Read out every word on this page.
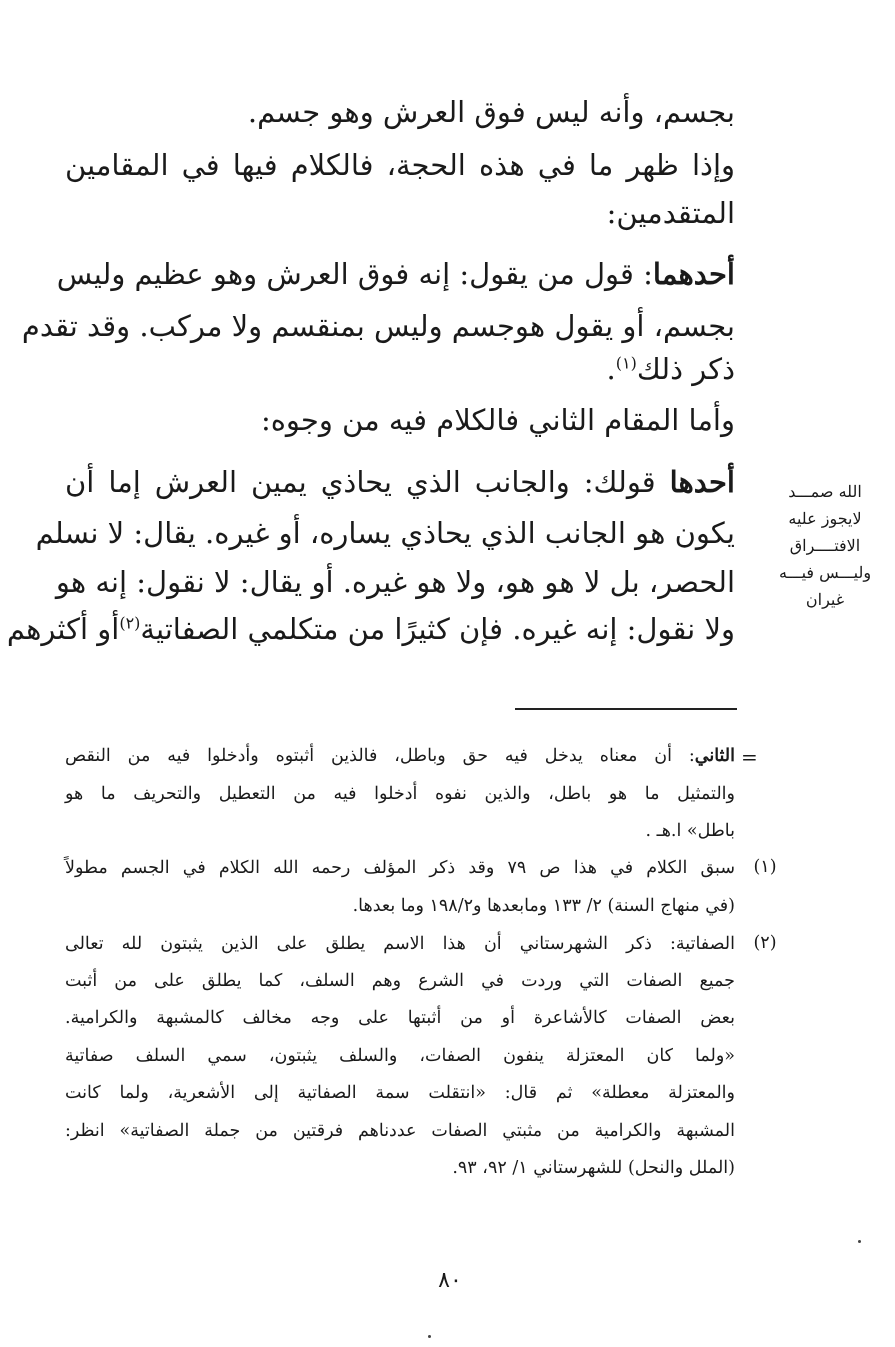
بجسم، وأنه ليس فوق العرش وهو جسم.
وإذا ظهر ما في هذه الحجة، فالكلام فيها في المقامين
المتقدمين:
أحدهما: قول من يقول: إنه فوق العرش وهو عظيم وليس
بجسم، أو يقول هوجسم وليس بمنقسم ولا مركب. وقد تقدم
ذكر ذلك$^{(١)}$.
وأما المقام الثاني فالكلام فيه من وجوه:
أحدها قولك: والجانب الذي يحاذي يمين العرش إما أن
يكون هو الجانب الذي يحاذي يساره، أو غيره. يقال: لا نسلم
الحصر، بل لا هو هو، ولا هو غيره. أو يقال: لا نقول: إنه هو
ولا نقول: إنه غيره. فإن كثيرًا من متكلمي الصفاتية$^{(٢)}$أو أكثرهم
الله صمـــد
لايجوز عليه
الافتــــراق
وليـــس فيـــه
غيران
=
الثاني: أن معناه يدخل فيه حق وباطل، فالذين أثبتوه وأدخلوا فيه من النقص
والتمثيل ما هو باطل، والذين نفوه أدخلوا فيه من التعطيل والتحريف ما هو
باطل» ا.هـ .
(١)
سبق الكلام في هذا ص ٧٩ وقد ذكر المؤلف رحمه الله الكلام في الجسم مطولاً
(في منهاج السنة) ٢/ ١٣٣ ومابعدها و١٩٨/٢ وما بعدها.
(٢)
الصفاتية: ذكر الشهرستاني أن هذا الاسم يطلق على الذين يثبتون لله تعالى
جميع الصفات التي وردت في الشرع وهم السلف، كما يطلق على من أثبت
بعض الصفات كالأشاعرة أو من أثبتها على وجه مخالف كالمشبهة والكرامية.
«ولما كان المعتزلة ينفون الصفات، والسلف يثبتون، سمي السلف صفاتية
والمعتزلة معطلة» ثم قال: «انتقلت سمة الصفاتية إلى الأشعرية، ولما كانت
المشبهة والكرامية من مثبتي الصفات عددناهم فرقتين من جملة الصفاتية» انظر:
(الملل والنحل) للشهرستاني ١/ ٩٢، ٩٣.
٨٠
